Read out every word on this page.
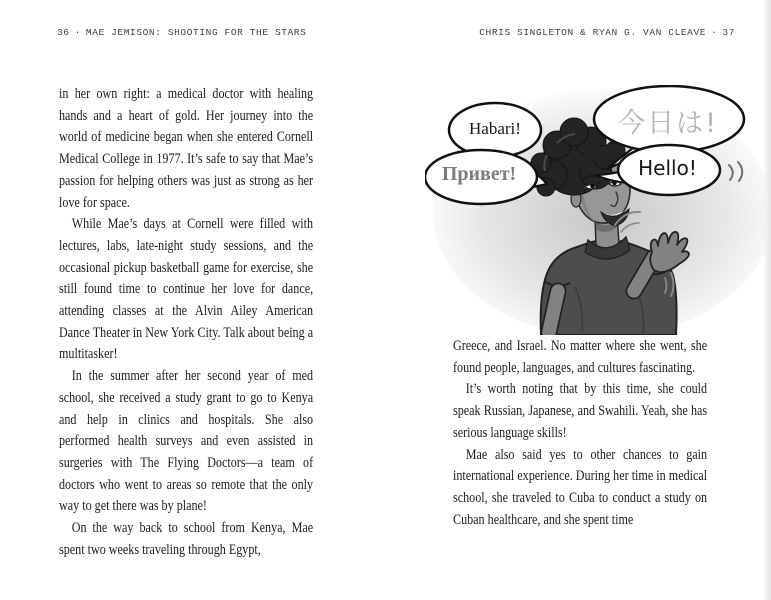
36 · MAE JEMISON: SHOOTING FOR THE STARS	CHRIS SINGLETON & RYAN G. VAN CLEAVE · 37

in her own right: a medical doctor with healing hands and a heart of gold. Her journey into the world of medicine began when she entered Cornell Medical College in 1977. It’s safe to say that Mae’s passion for helping others was just as strong as her love for space.

While Mae’s days at Cornell were filled with lectures, labs, late-night study sessions, and the occasional pickup basketball game for exercise, she still found time to continue her love for dance, attending classes at the Alvin Ailey American Dance Theater in New York City. Talk about being a multitasker!

In the summer after her second year of med school, she received a study grant to go to Kenya and help in clinics and hospitals. She also performed health surveys and even assisted in surgeries with The Flying Doctors—a team of doctors who went to areas so remote that the only way to get there was by plane!

On the way back to school from Kenya, Mae spent two weeks traveling through Egypt,

Habari!
Привет!
今日は!
Hello!

Greece, and Israel. No matter where she went, she found people, languages, and cultures fascinating.

It’s worth noting that by this time, she could speak Russian, Japanese, and Swahili. Yeah, she has serious language skills!

Mae also said yes to other chances to gain international experience. During her time in medical school, she traveled to Cuba to conduct a study on Cuban healthcare, and she spent time
